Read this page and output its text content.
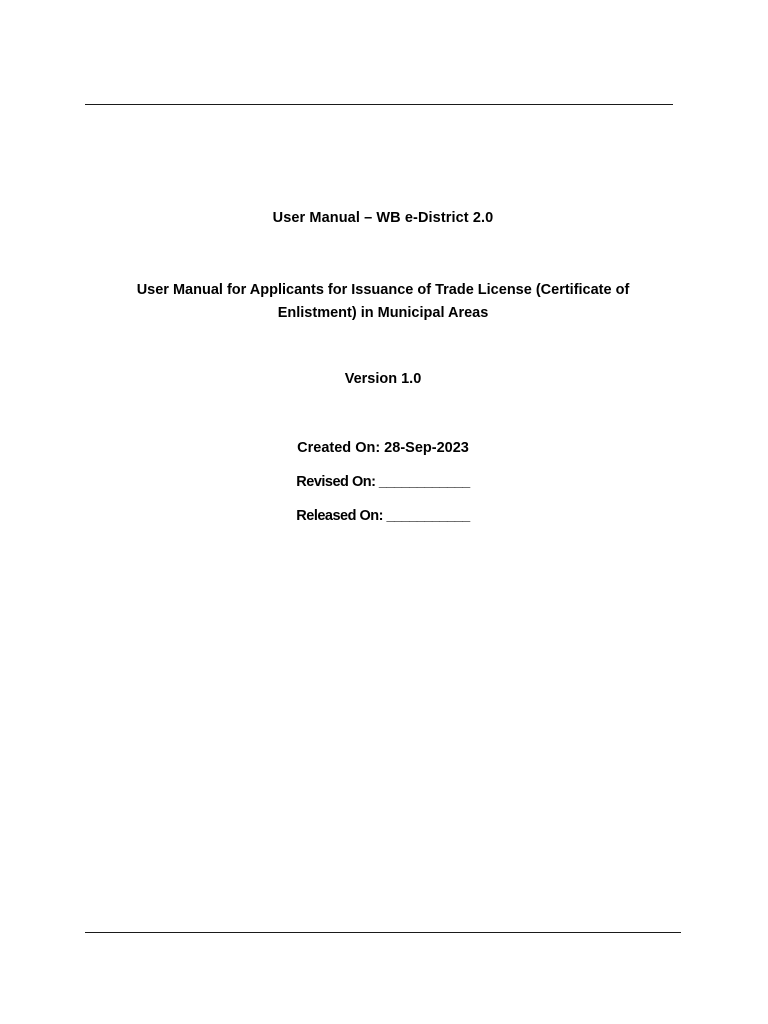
User Manual – WB e-District 2.0
User Manual for Applicants for Issuance of Trade License (Certificate of Enlistment) in Municipal Areas
Version 1.0
Created On: 28-Sep-2023
Revised On: ____________
Released On: ___________
